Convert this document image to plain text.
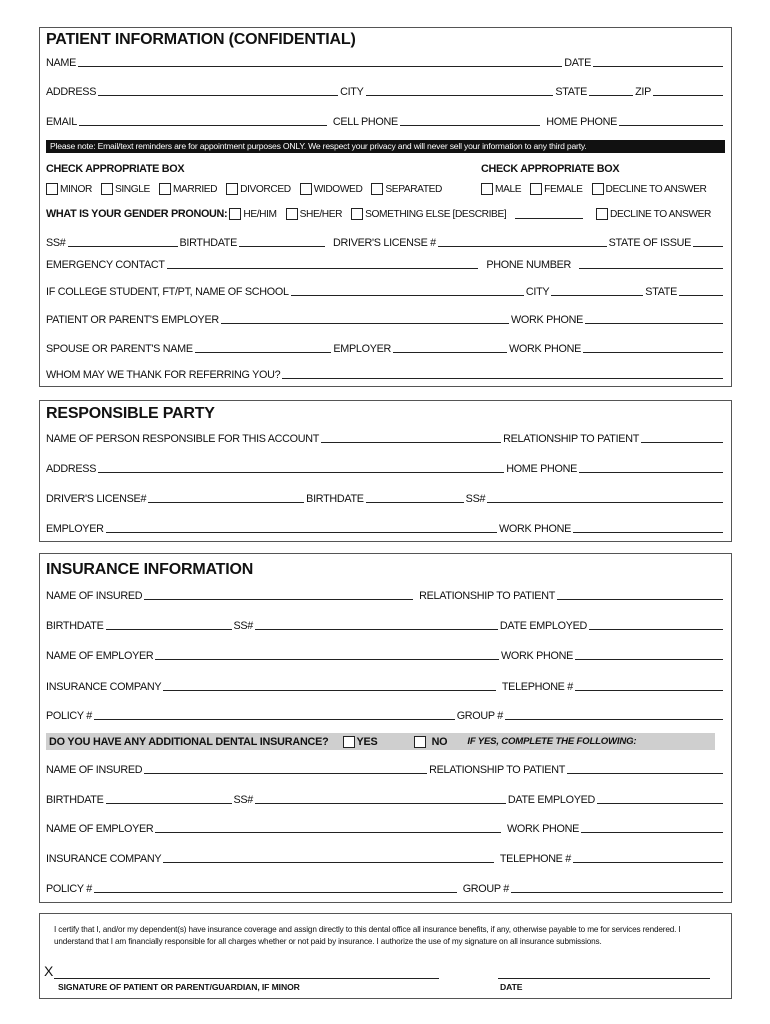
PATIENT INFORMATION (CONFIDENTIAL)
NAME	DATE
ADDRESS	CITY	STATE	ZIP
EMAIL	CELL PHONE	HOME PHONE
Please note: Email/text reminders are for appointment purposes ONLY. We respect your privacy and will never sell your information to any third party.
CHECK APPROPRIATE BOX	CHECK APPROPRIATE BOX
MINOR SINGLE MARRIED DIVORCED WIDOWED SEPARATED	MALE FEMALE DECLINE TO ANSWER
WHAT IS YOUR GENDER PRONOUN: HE/HIM SHE/HER SOMETHING ELSE [DESCRIBE]	DECLINE TO ANSWER
SS#	BIRTHDATE	DRIVER'S LICENSE #	STATE OF ISSUE
EMERGENCY CONTACT	PHONE NUMBER
IF COLLEGE STUDENT, FT/PT, NAME OF SCHOOL	CITY	STATE
PATIENT OR PARENT'S EMPLOYER	WORK PHONE
SPOUSE OR PARENT'S NAME	EMPLOYER	WORK PHONE
WHOM MAY WE THANK FOR REFERRING YOU?
RESPONSIBLE PARTY
NAME OF PERSON RESPONSIBLE FOR THIS ACCOUNT	RELATIONSHIP TO PATIENT
ADDRESS	HOME PHONE
DRIVER'S LICENSE#	BIRTHDATE	SS#
EMPLOYER	WORK PHONE
INSURANCE INFORMATION
NAME OF INSURED	RELATIONSHIP TO PATIENT
BIRTHDATE	SS#	DATE EMPLOYED
NAME OF EMPLOYER	WORK PHONE
INSURANCE COMPANY	TELEPHONE #
POLICY #	GROUP #
DO YOU HAVE ANY ADDITIONAL DENTAL INSURANCE?	YES	NO IF YES, COMPLETE THE FOLLOWING:
NAME OF INSURED	RELATIONSHIP TO PATIENT
BIRTHDATE	SS#	DATE EMPLOYED
NAME OF EMPLOYER	WORK PHONE
INSURANCE COMPANY	TELEPHONE #
POLICY #	GROUP #
I certify that I, and/or my dependent(s) have insurance coverage and assign directly to this dental office all insurance benefits, if any, otherwise payable to me for services rendered. I understand that I am financially responsible for all charges whether or not paid by insurance. I authorize the use of my signature on all insurance submissions.
X
SIGNATURE OF PATIENT OR PARENT/GUARDIAN, IF MINOR	DATE
